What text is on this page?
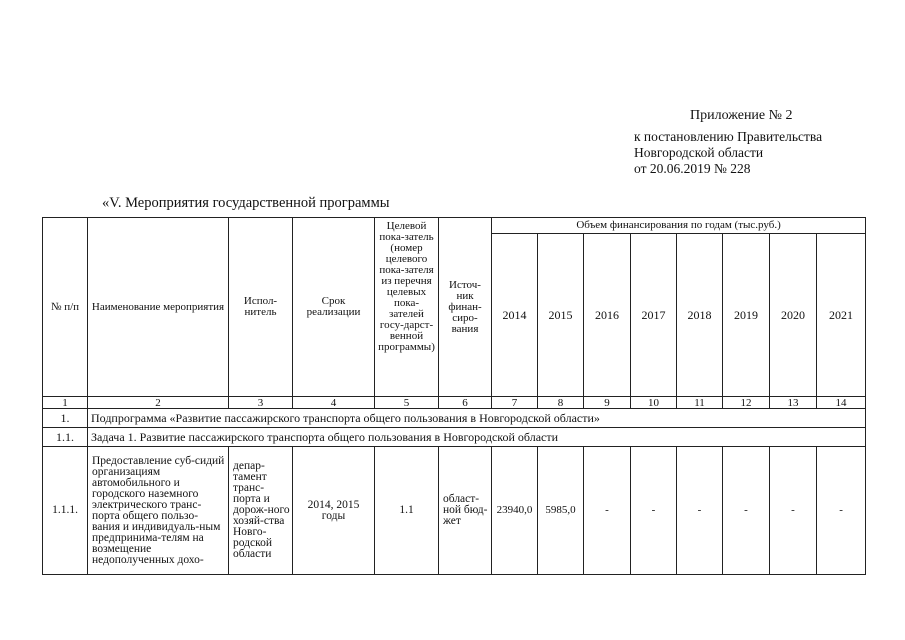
Приложение № 2
к постановлению Правительства
Новгородской области
от 20.06.2019 № 228
«V. Мероприятия государственной программы
№ п/п	Наименование мероприятия	Испол-нитель	Срок реализации	Целевой пока-затель (номер целевого пока-зателя из перечня целевых пока-зателей госу-дарст-венной программы)	Источ-ник финан-сиро-вания	Объем финансирования по годам (тыс.руб.)							
						2014	2015	2016	2017	2018	2019	2020	2021
1	2	3	4	5	6	7	8	9	10	11	12	13	14
1.	Подпрограмма «Развитие пассажирского транспорта общего пользования в Новгородской области»												
1.1.	Задача 1. Развитие пассажирского транспорта общего пользования в Новгородской области												
1.1.1.	Предоставление суб-сидий организациям автомобильного и городского наземного электрического транс-порта общего пользо-вания и индивидуаль-ным предпринима-телям на возмещение недополученных дохо-	депар-тамент транс-порта и дорож-ного хозяй-ства Новго-родской области	2014, 2015 годы	1.1	област-ной бюд-жет	23940,0	5985,0	-	-	-	-	-	-
